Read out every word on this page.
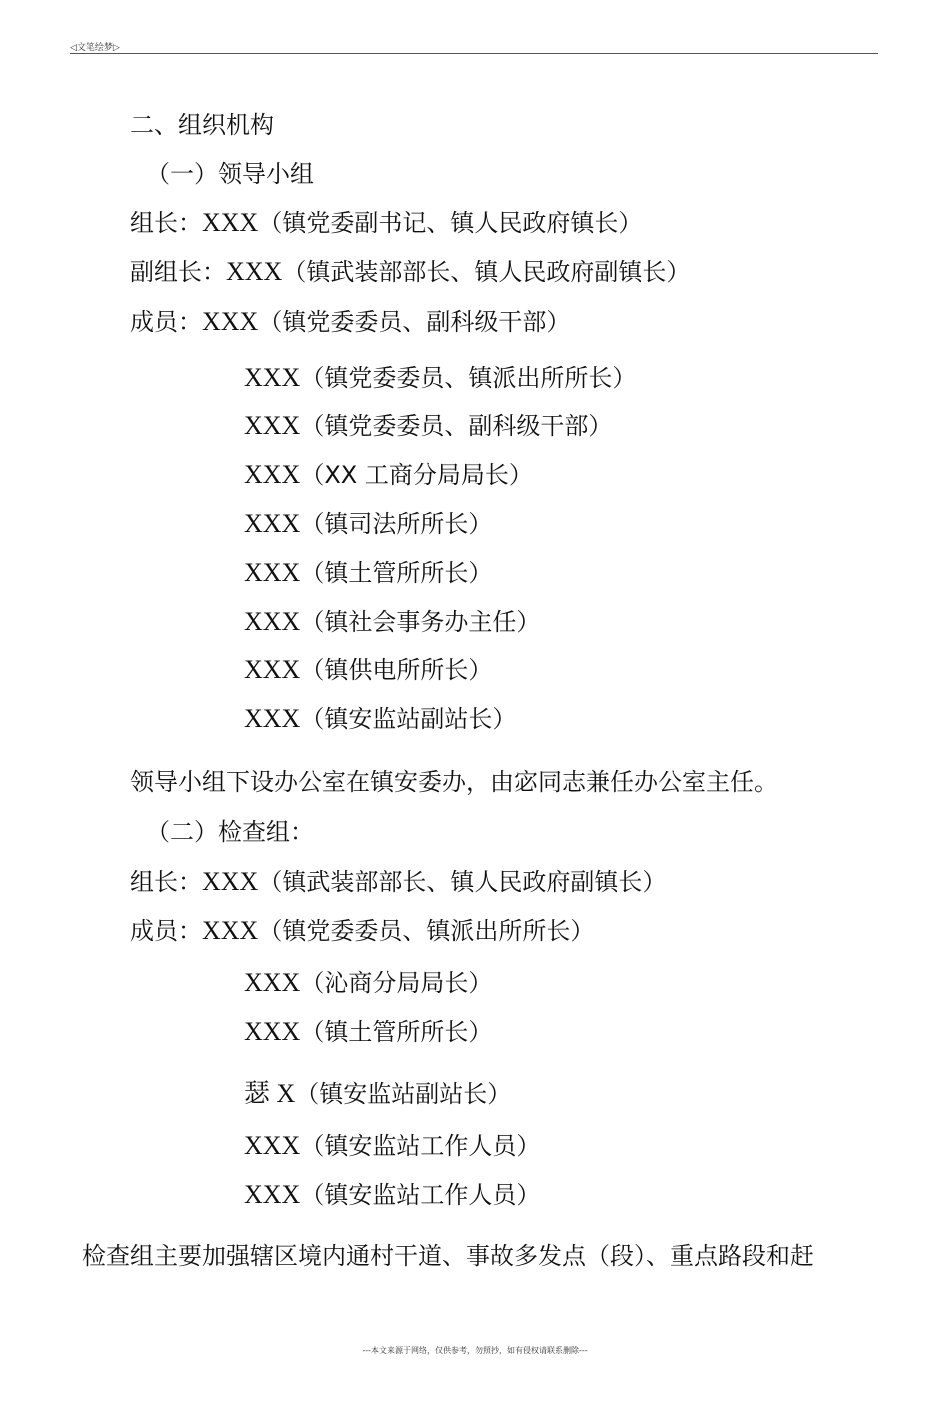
◁文笔绘梦▷
二、组织机构
（一）领导小组
组长：XXX（镇党委副书记、镇人民政府镇长）
副组长：XXX（镇武装部部长、镇人民政府副镇长）
成员：XXX（镇党委委员、副科级干部）
XXX（镇党委委员、镇派出所所长）
XXX（镇党委委员、副科级干部）
XXX（XX 工商分局局长）
XXX（镇司法所所长）
XXX（镇土管所所长）
XXX（镇社会事务办主任）
XXX（镇供电所所长）
XXX（镇安监站副站长）
领导小组下设办公室在镇安委办，由宓同志兼任办公室主任。
（二）检查组：
组长：XXX（镇武装部部长、镇人民政府副镇长）
成员：XXX（镇党委委员、镇派出所所长）
XXX（沁商分局局长）
XXX（镇土管所所长）
瑟 X（镇安监站副站长）
XXX（镇安监站工作人员）
XXX（镇安监站工作人员）
检查组主要加强辖区境内通村干道、事故多发点（段）、重点路段和赶
---本文来源于网络，仅供参考，勿照抄，如有侵权请联系删除---
